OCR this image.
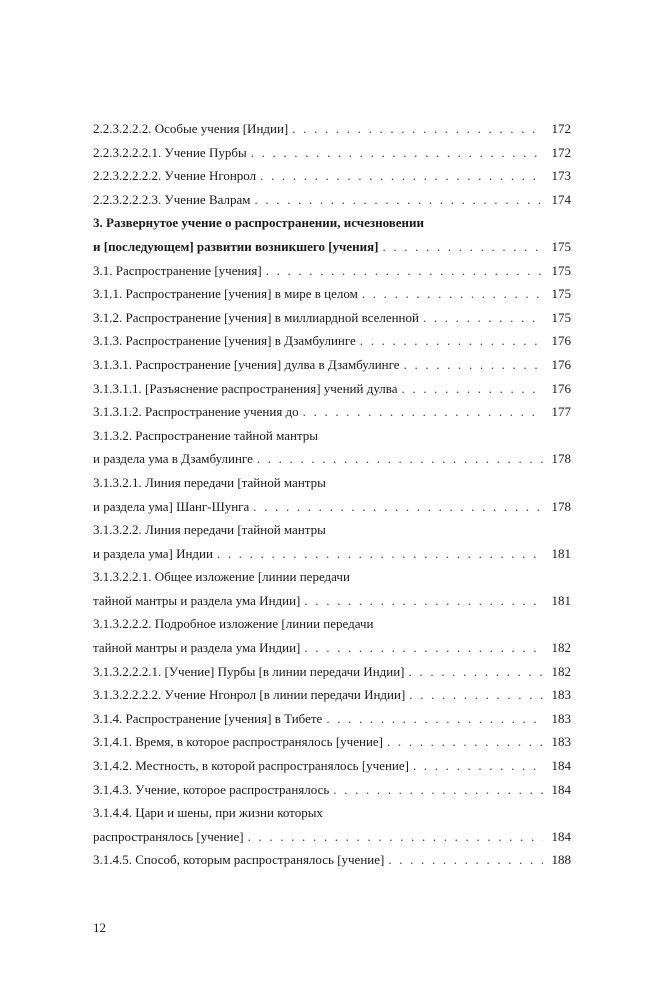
2.2.3.2.2.2. Особые учения [Индии] . . .	172
2.2.3.2.2.2.1. Учение Пурбы . . .	172
2.2.3.2.2.2.2. Учение Нгонрол . . .	173
2.2.3.2.2.2.3. Учение Валрам . . .	174
3. Развернутое учение о распространении, исчезновении
и [последующем] развитии возникшего [учения] . . .	175
3.1. Распространение [учения] . . .	175
3.1.1. Распространение [учения] в мире в целом . . .	175
3.1.2. Распространение [учения] в миллиардной вселенной . . .	175
3.1.3. Распространение [учения] в Дзамбулинге . . .	176
3.1.3.1. Распространение [учения] дулва в Дзамбулинге . . .	176
3.1.3.1.1. [Разъяснение распространения] учений дулва . . .	176
3.1.3.1.2. Распространение учения до . . .	177
3.1.3.2. Распространение тайной мантры
и раздела ума в Дзамбулинге . . .	178
3.1.3.2.1. Линия передачи [тайной мантры
и раздела ума] Шанг-Шунга . . .	178
3.1.3.2.2. Линия передачи [тайной мантры
и раздела ума] Индии . . .	181
3.1.3.2.2.1. Общее изложение [линии передачи
тайной мантры и раздела ума Индии] . . .	181
3.1.3.2.2.2. Подробное изложение [линии передачи
тайной мантры и раздела ума Индии] . . .	182
3.1.3.2.2.2.1. [Учение] Пурбы [в линии передачи Индии] . . .	182
3.1.3.2.2.2.2. Учение Нгонрол [в линии передачи Индии] . . .	183
3.1.4. Распространение [учения] в Тибете . . .	183
3.1.4.1. Время, в которое распространялось [учение] . . .	183
3.1.4.2. Местность, в которой распространялось [учение] . . .	184
3.1.4.3. Учение, которое распространялось . . .	184
3.1.4.4. Цари и шены, при жизни которых
распространялось [учение] . . .	184
3.1.4.5. Способ, которым распространялось [учение] . . .	188
12
